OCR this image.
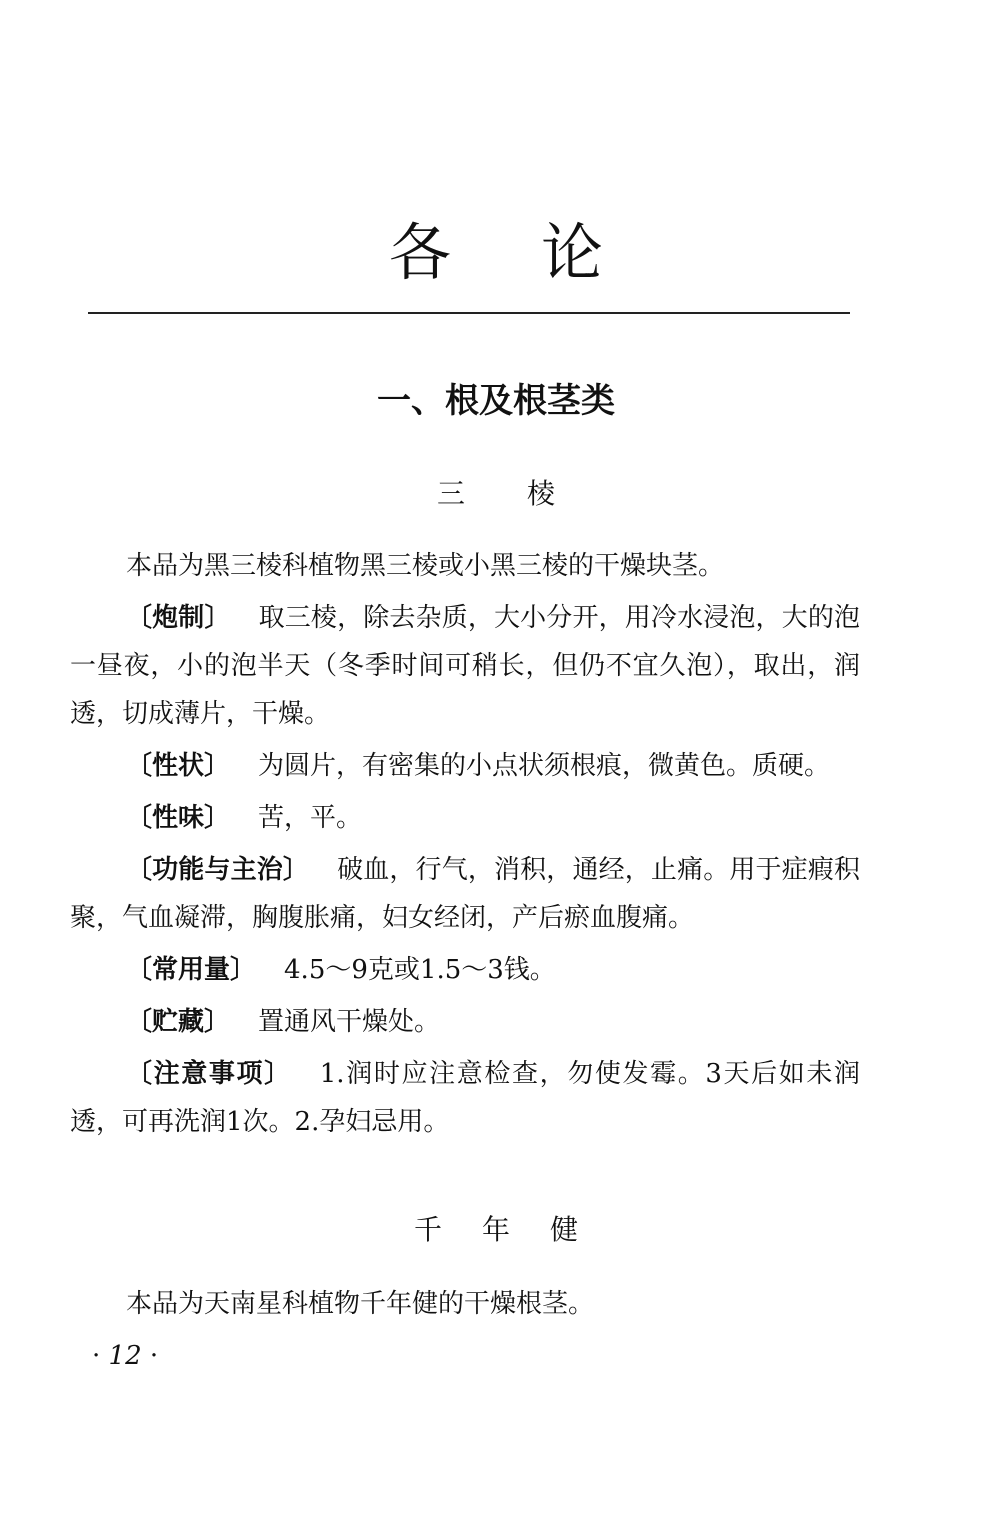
各论
一、根及根茎类
三棱

本品为黑三棱科植物黑三棱或小黑三棱的干燥块茎。

〔炮制〕 取三棱，除去杂质，大小分开，用冷水浸泡，大的泡一昼夜，小的泡半天（冬季时间可稍长，但仍不宜久泡），取出，润透，切成薄片，干燥。

〔性状〕 为圆片，有密集的小点状须根痕，微黄色。质硬。

〔性味〕 苦，平。

〔功能与主治〕 破血，行气，消积，通经，止痛。用于症瘕积聚，气血凝滞，胸腹胀痛，妇女经闭，产后瘀血腹痛。

〔常用量〕 4.5～9克或1.5～3钱。

〔贮藏〕 置通风干燥处。

〔注意事项〕 1.润时应注意检查，勿使发霉。3天后如未润透，可再洗润1次。2.孕妇忌用。

千年健

本品为天南星科植物千年健的干燥根茎。

· 12 ·
